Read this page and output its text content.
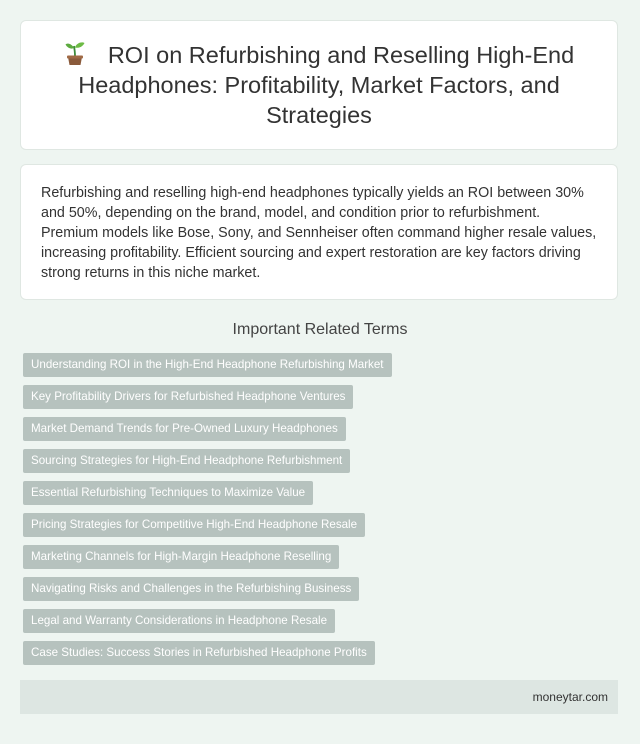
ROI on Refurbishing and Reselling High-End Headphones: Profitability, Market Factors, and Strategies

Refurbishing and reselling high-end headphones typically yields an ROI between 30% and 50%, depending on the brand, model, and condition prior to refurbishment. Premium models like Bose, Sony, and Sennheiser often command higher resale values, increasing profitability. Efficient sourcing and expert restoration are key factors driving strong returns in this niche market.

Important Related Terms
Understanding ROI in the High-End Headphone Refurbishing Market
Key Profitability Drivers for Refurbished Headphone Ventures
Market Demand Trends for Pre-Owned Luxury Headphones
Sourcing Strategies for High-End Headphone Refurbishment
Essential Refurbishing Techniques to Maximize Value
Pricing Strategies for Competitive High-End Headphone Resale
Marketing Channels for High-Margin Headphone Reselling
Navigating Risks and Challenges in the Refurbishing Business
Legal and Warranty Considerations in Headphone Resale
Case Studies: Success Stories in Refurbished Headphone Profits
moneytar.com
